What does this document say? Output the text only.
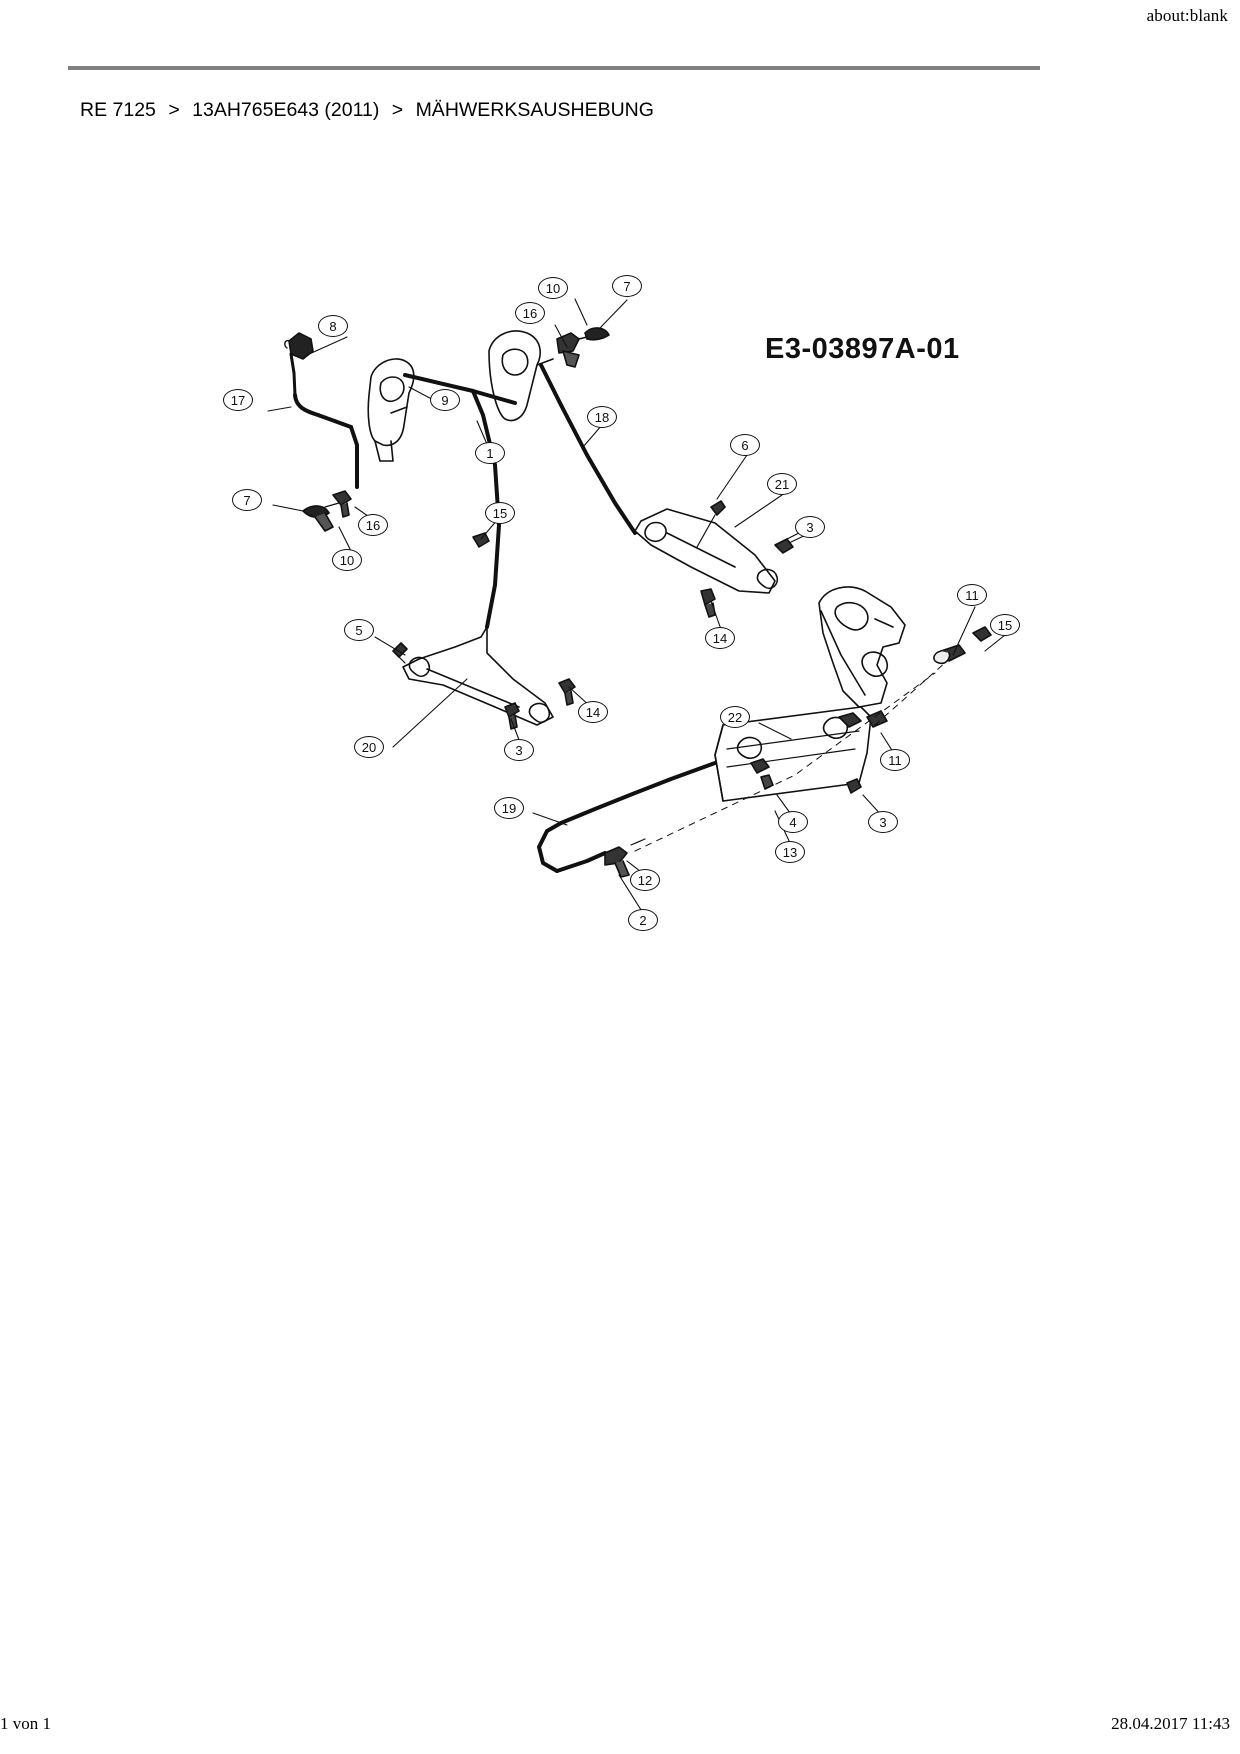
about:blank
RE 7125 > 13AH765E643 (2011) > MÄHWERKSAUSHEBUNG
E3-03897A-01
8
10
16
7
17	9
1
18
6
21
3
7
16
10
15
14
5
20
14
3
11
15
22
11
3
4
13
19
12
2
1 von 1	28.04.2017 11:43
